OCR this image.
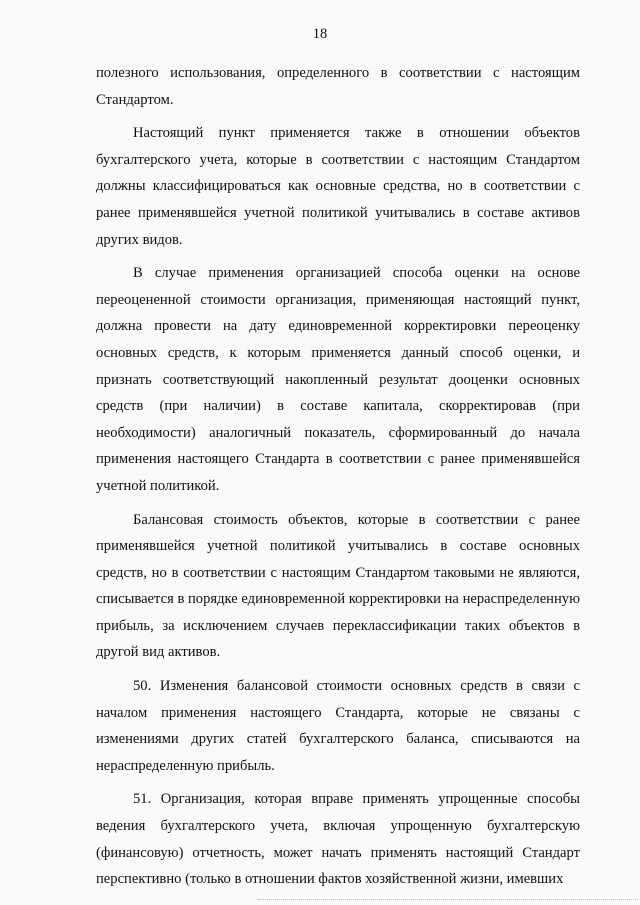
18

полезного использования, определенного в соответствии с настоящим Стандартом.

Настоящий пункт применяется также в отношении объектов бухгалтерского учета, которые в соответствии с настоящим Стандартом должны классифицироваться как основные средства, но в соответствии с ранее применявшейся учетной политикой учитывались в составе активов других видов.

В случае применения организацией способа оценки на основе переоцененной стоимости организация, применяющая настоящий пункт, должна провести на дату единовременной корректировки переоценку основных средств, к которым применяется данный способ оценки, и признать соответствующий накопленный результат дооценки основных средств (при наличии) в составе капитала, скорректировав (при необходимости) аналогичный показатель, сформированный до начала применения настоящего Стандарта в соответствии с ранее применявшейся учетной политикой.

Балансовая стоимость объектов, которые в соответствии с ранее применявшейся учетной политикой учитывались в составе основных средств, но в соответствии с настоящим Стандартом таковыми не являются, списывается в порядке единовременной корректировки на нераспределенную прибыль, за исключением случаев переклассификации таких объектов в другой вид активов.

50. Изменения балансовой стоимости основных средств в связи с началом применения настоящего Стандарта, которые не связаны с изменениями других статей бухгалтерского баланса, списываются на нераспределенную прибыль.

51. Организация, которая вправе применять упрощенные способы ведения бухгалтерского учета, включая упрощенную бухгалтерскую (финансовую) отчетность, может начать применять настоящий Стандарт перспективно (только в отношении фактов хозяйственной жизни, имевших
